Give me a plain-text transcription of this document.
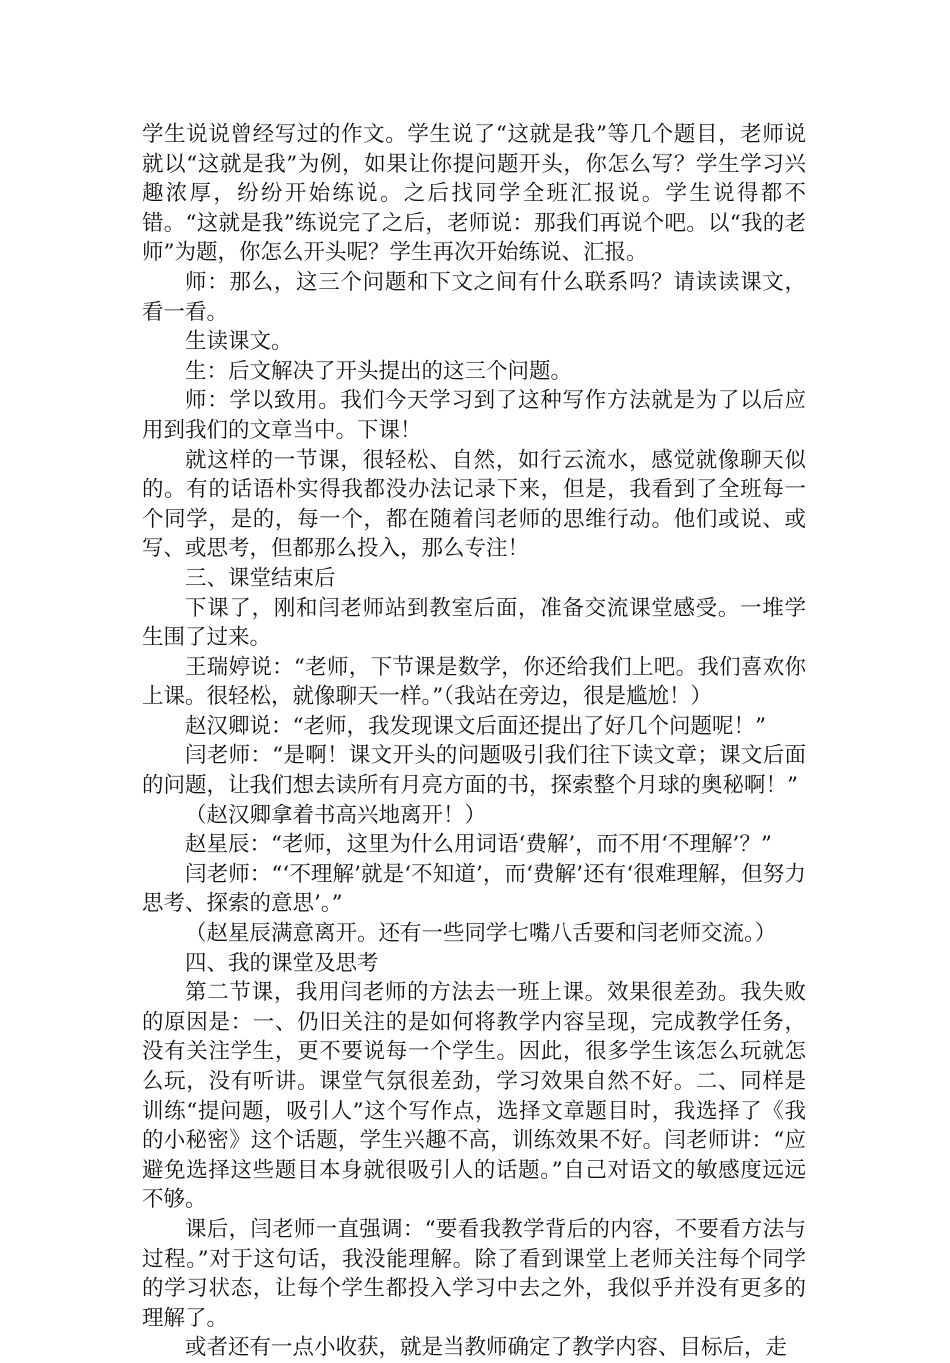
学生说说曾经写过的作文。学生说了“这就是我”等几个题目，老师说就以“这就是我”为例，如果让你提问题开头，你怎么写？学生学习兴趣浓厚，纷纷开始练说。之后找同学全班汇报说。学生说得都不错。“这就是我”练说完了之后，老师说：那我们再说个吧。以“我的老师”为题，你怎么开头呢？学生再次开始练说、汇报。

师：那么，这三个问题和下文之间有什么联系吗？请读读课文，看一看。

生读课文。

生：后文解决了开头提出的这三个问题。

师：学以致用。我们今天学习到了这种写作方法就是为了以后应用到我们的文章当中。下课！

就这样的一节课，很轻松、自然，如行云流水，感觉就像聊天似的。有的话语朴实得我都没办法记录下来，但是，我看到了全班每一个同学，是的，每一个，都在随着闫老师的思维行动。他们或说、或写、或思考，但都那么投入，那么专注！

三、课堂结束后

下课了，刚和闫老师站到教室后面，准备交流课堂感受。一堆学生围了过来。

王瑞婷说：“老师，下节课是数学，你还给我们上吧。我们喜欢你上课。很轻松，就像聊天一样。”（我站在旁边，很是尴尬！）

赵汉卿说：“老师，我发现课文后面还提出了好几个问题呢！”

闫老师：“是啊！课文开头的问题吸引我们往下读文章；课文后面的问题，让我们想去读所有月亮方面的书，探索整个月球的奥秘啊！”

（赵汉卿拿着书高兴地离开！）

赵星辰：“老师，这里为什么用词语‘费解’，而不用‘不理解’？”

闫老师：“‘不理解’就是‘不知道’，而‘费解’还有‘很难理解，但努力思考、探索的意思’。”

（赵星辰满意离开。还有一些同学七嘴八舌要和闫老师交流。）

四、我的课堂及思考

第二节课，我用闫老师的方法去一班上课。效果很差劲。我失败的原因是：一、仍旧关注的是如何将教学内容呈现，完成教学任务，没有关注学生，更不要说每一个学生。因此，很多学生该怎么玩就怎么玩，没有听讲。课堂气氛很差劲，学习效果自然不好。二、同样是训练“提问题，吸引人”这个写作点，选择文章题目时，我选择了《我的小秘密》这个话题，学生兴趣不高，训练效果不好。闫老师讲：“应避免选择这些题目本身就很吸引人的话题。”自己对语文的敏感度远远不够。

课后，闫老师一直强调：“要看我教学背后的内容，不要看方法与过程。”对于这句话，我没能理解。除了看到课堂上老师关注每个同学的学习状态，让每个学生都投入学习中去之外，我似乎并没有更多的理解了。

或者还有一点小收获，就是当教师确定了教学内容、目标后，走
